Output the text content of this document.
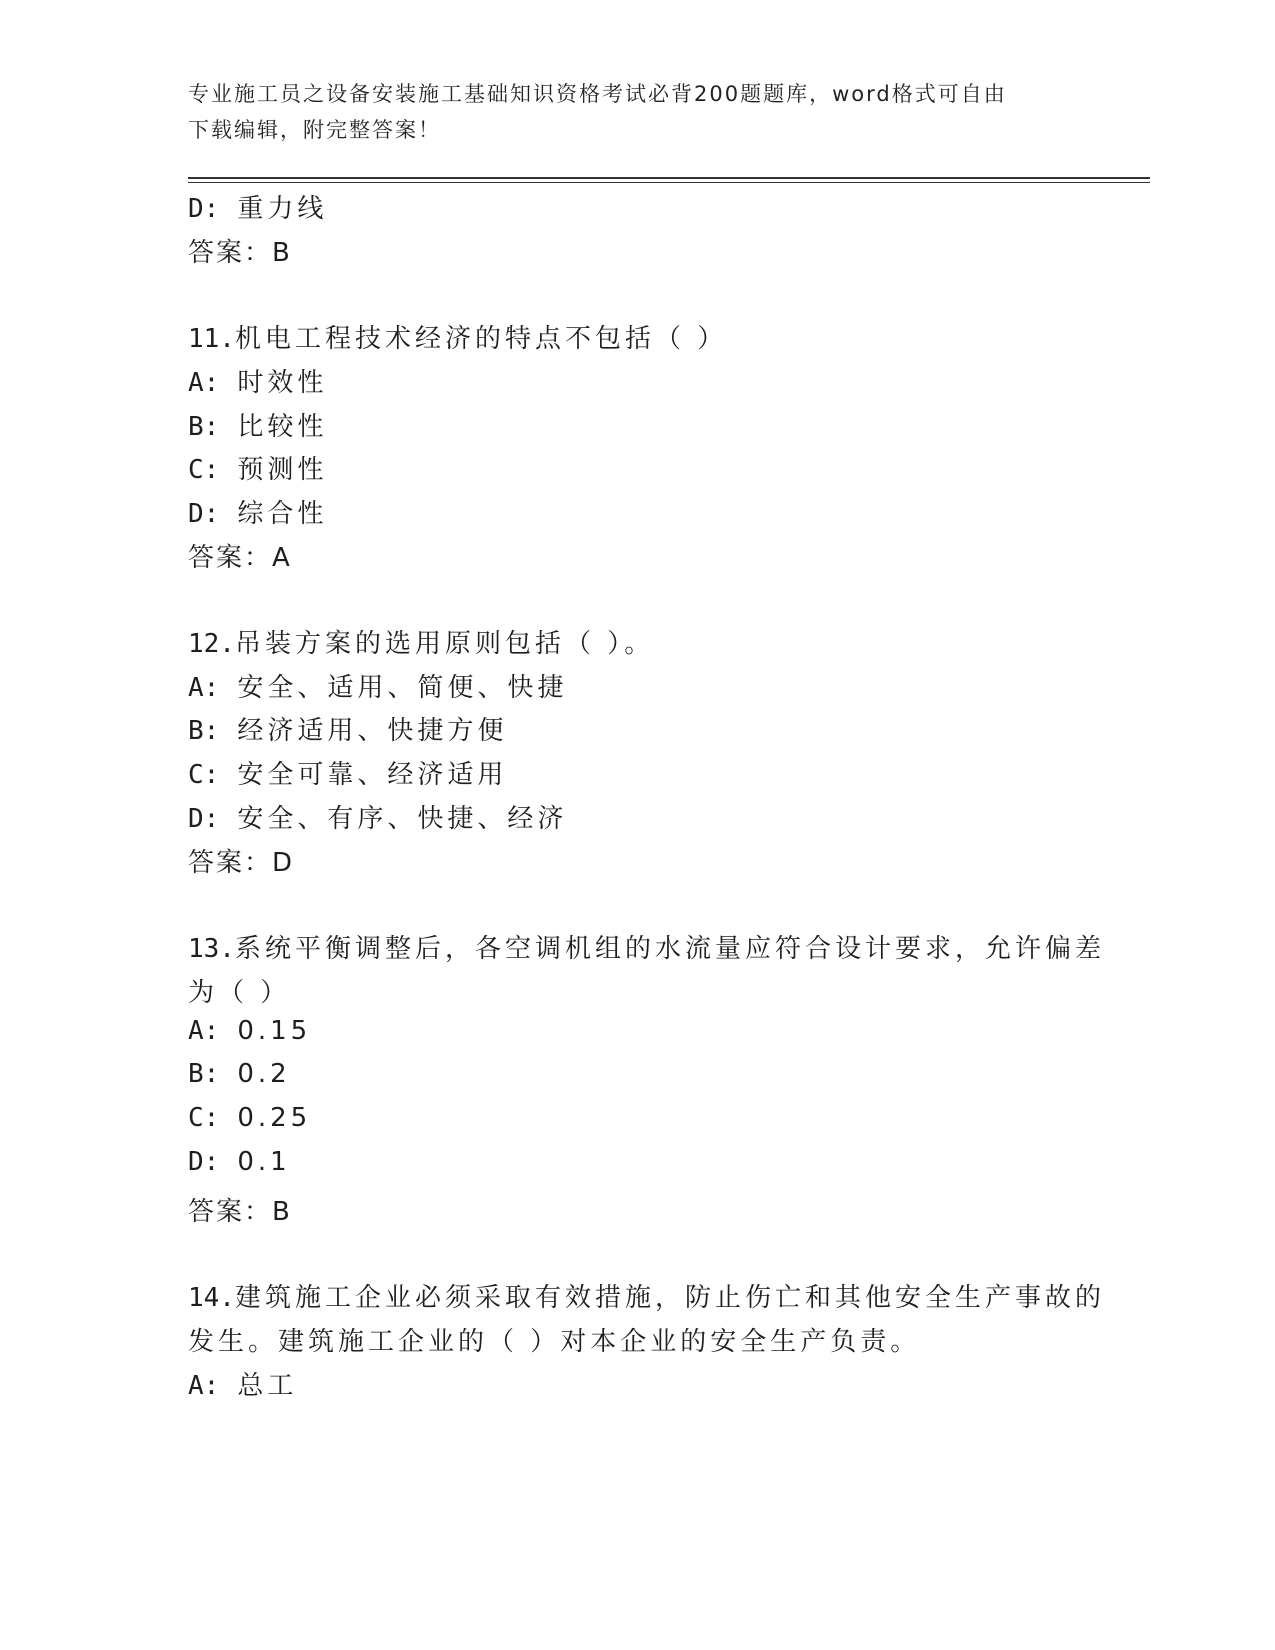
专业施工员之设备安装施工基础知识资格考试必背200题题库，word格式可自由
下载编辑，附完整答案！
D: 重力线
答案：B
11.机电工程技术经济的特点不包括（ ）
A: 时效性
B: 比较性
C: 预测性
D: 综合性
答案：A
12.吊装方案的选用原则包括（ ）。
A: 安全、适用、简便、快捷
B: 经济适用、快捷方便
C: 安全可靠、经济适用
D: 安全、有序、快捷、经济
答案：D
13.系统平衡调整后，各空调机组的水流量应符合设计要求，允许偏差
为（ ）
A: 0.15
B: 0.2
C: 0.25
D: 0.1
答案：B
14.建筑施工企业必须采取有效措施，防止伤亡和其他安全生产事故的
发生。建筑施工企业的（ ）对本企业的安全生产负责。
A: 总工
